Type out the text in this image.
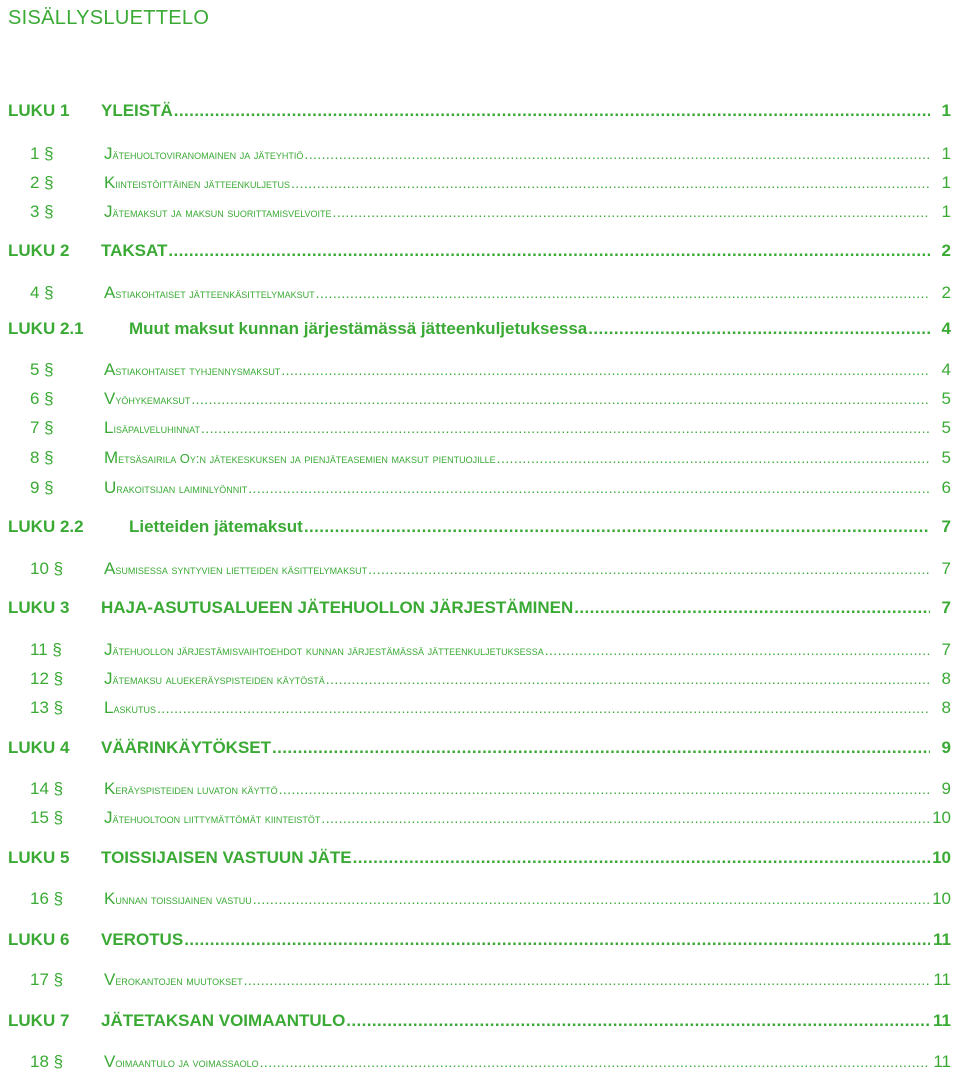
SISÄLLYSLUETTELO
LUKU 1 YLEISTÄ .....	1
1 §	Jätehuoltoviranomainen ja jäteyhtiö .....	1
2 §	Kiinteistöittäinen jätteenkuljetus .....	1
3 §	Jätemaksut ja maksun suorittamisvelvoite .....	1
LUKU 2 TAKSAT .....	2
4 §	Astiakohtaiset jätteenkäsittelymaksut .....	2
LUKU 2.1	Muut maksut kunnan järjestämässä jätteenkuljetuksessa .....	4
5 §	Astiakohtaiset tyhjennysmaksut .....	4
6 §	Vyöhykemaksut .....	5
7 §	Lisäpalveluhinnat .....	5
8 §	Metsäsairila Oy:n jätekeskuksen ja pienjäteasemien maksut pientuojille .....	5
9 §	Urakoitsijan laiminlyönnit .....	6
LUKU 2.2	Lietteiden jätemaksut .....	7
10 §	Asumisessa syntyvien lietteiden käsittelymaksut .....	7
LUKU 3 HAJA-ASUTUSALUEEN JÄTEHUOLLON JÄRJESTÄMINEN .....	7
11 §	Jätehuollon järjestämisvaihtoehdot kunnan järjestämässä jätteenkuljetuksessa .....	7
12 §	Jätemaksu aluekeräyspisteiden käytöstä .....	8
13 §	Laskutus .....	8
LUKU 4 VÄÄRINKÄYTÖKSET .....	9
14 §	Keräyspisteiden luvaton käyttö .....	9
15 §	Jätehuoltoon liittymättömät kiinteistöt .....	10
LUKU 5 TOISSIJAISEN VASTUUN JÄTE .....	10
16 §	Kunnan toissijainen vastuu .....	10
LUKU 6 VEROTUS .....	11
17 §	Verokantojen muutokset .....	11
LUKU 7 JÄTETAKSAN VOIMAANTULO .....	11
18 §	Voimaantulo ja voimassaolo .....	11
